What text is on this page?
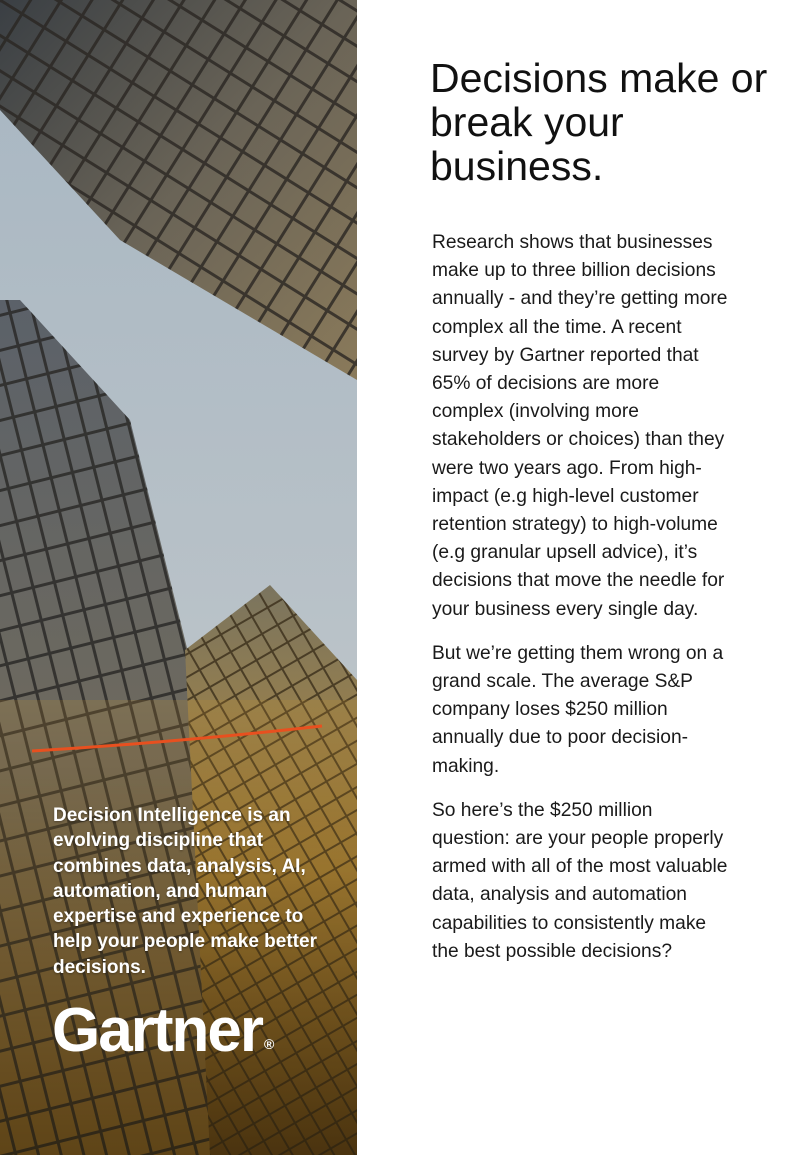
Decision Intelligence is an evolving discipline that combines data, analysis, AI, automation, and human expertise and experience to help your people make better decisions.
Gartner ®
Decisions make or break your business.

Research shows that businesses make up to three billion decisions annually - and they’re getting more complex all the time. A recent survey by Gartner reported that 65% of decisions are more complex (involving more stakeholders or choices) than they were two years ago. From high-impact (e.g high-level customer retention strategy) to high-volume (e.g granular upsell advice), it’s decisions that move the needle for your business every single day.

But we’re getting them wrong on a grand scale. The average S&P company loses $250 million annually due to poor decision-making.

So here’s the $250 million question: are your people properly armed with all of the most valuable data, analysis and automation capabilities to consistently make the best possible decisions?
